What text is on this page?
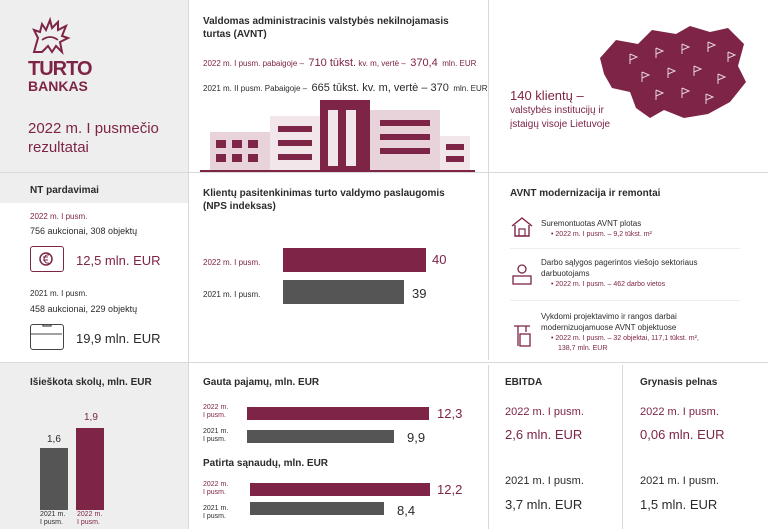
TURTO
BANKAS
2022 m. I pusmečio
rezultatai
Valdomas administracinis valstybės nekilnojamasis
turtas (AVNT)
2022 m. I pusm. pabaigoje – 710 tūkst. kv. m, vertė – 370,4 mln. EUR
2021 m. II pusm. Pabaigoje – 665 tūkst. kv. m, vertė – 370 mln. EUR 140 klientų –
valstybės institucijų ir
įstaigų visoje Lietuvoje
NT pardavimai
2022 m. I pusm.
756 aukcionai, 308 objektų
12,5 mln. EUR
2021 m. I pusm.
458 aukcionai, 229 objektų
19,9 mln. EUR
Klientų pasitenkinimas turto valdymo paslaugomis
(NPS indeksas)
2022 m. I pusm.	40
2021 m. I pusm.	39
AVNT modernizacija ir remontai
Suremontuotas AVNT plotas
• 2022 m. I pusm. – 9,2 tūkst. m²
Darbo sąlygos pagerintos viešojo sektoriaus
darbuotojams
• 2022 m. I pusm. – 462 darbo vietos
Vykdomi projektavimo ir rangos darbai
modernizuojamuose AVNT objektuose
• 2022 m. I pusm. – 32 objektai, 117,1 tūkst. m²,
138,7 mln. EUR
Išieškota skolų, mln. EUR
1,6
1,9
2021 m.
I pusm.
2022 m.
I pusm.
Gauta pajamų, mln. EUR
2022 m.
I pusm.	12,3
2021 m.
I pusm.	9,9
Patirta sąnaudų, mln. EUR
2022 m.
I pusm.	12,2
2021 m.
I pusm.	8,4
EBITDA
2022 m. I pusm.
2,6 mln. EUR
2021 m. I pusm.
3,7 mln. EUR
Grynasis pelnas
2022 m. I pusm.
0,06 mln. EUR
2021 m. I pusm.
1,5 mln. EUR
